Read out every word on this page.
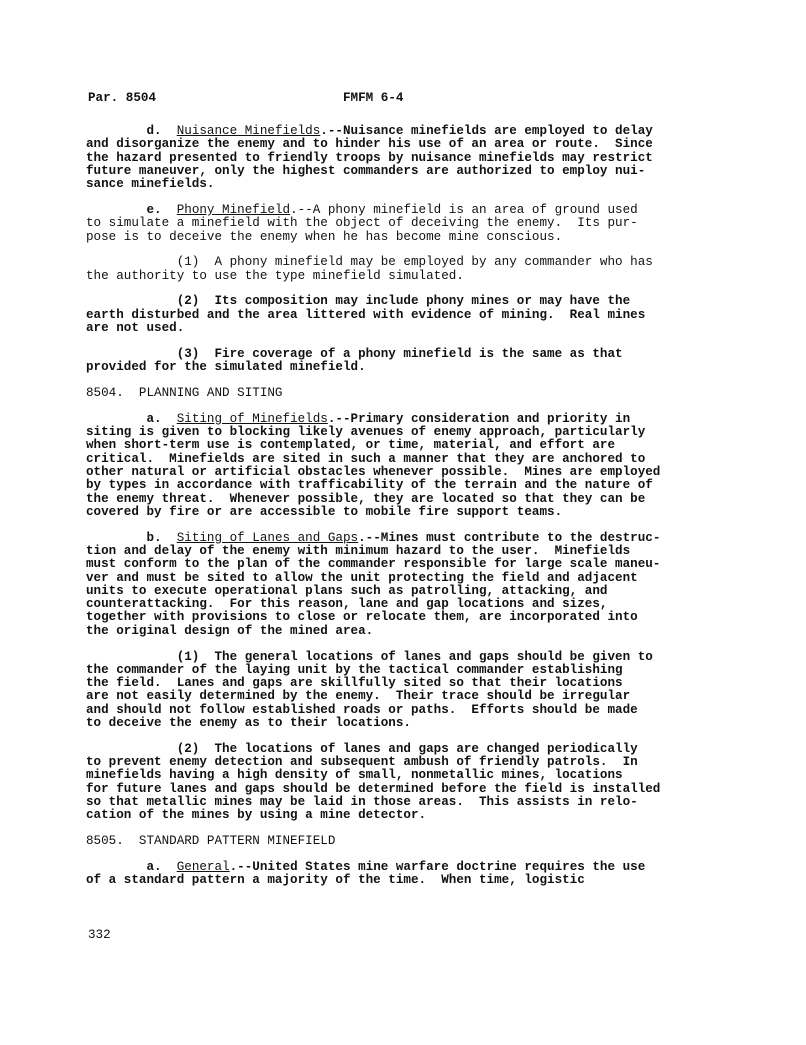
Par. 8504	FMFM 6-4

d.  Nuisance Minefields.--Nuisance minefields are employed to delay
and disorganize the enemy and to hinder his use of an area or route.  Since
the hazard presented to friendly troops by nuisance minefields may restrict
future maneuver, only the highest commanders are authorized to employ nui-
sance minefields.

e.  Phony Minefield.--A phony minefield is an area of ground used
to simulate a minefield with the object of deceiving the enemy.  Its pur-
pose is to deceive the enemy when he has become mine conscious.

(1)  A phony minefield may be employed by any commander who has
the authority to use the type minefield simulated.

(2)  Its composition may include phony mines or may have the
earth disturbed and the area littered with evidence of mining.  Real mines
are not used.

(3)  Fire coverage of a phony minefield is the same as that
provided for the simulated minefield.

8504.  PLANNING AND SITING

a.  Siting of Minefields.--Primary consideration and priority in
siting is given to blocking likely avenues of enemy approach, particularly
when short-term use is contemplated, or time, material, and effort are
critical.  Minefields are sited in such a manner that they are anchored to
other natural or artificial obstacles whenever possible.  Mines are employed
by types in accordance with trafficability of the terrain and the nature of
the enemy threat.  Whenever possible, they are located so that they can be
covered by fire or are accessible to mobile fire support teams.

b.  Siting of Lanes and Gaps.--Mines must contribute to the destruc-
tion and delay of the enemy with minimum hazard to the user.  Minefields
must conform to the plan of the commander responsible for large scale maneu-
ver and must be sited to allow the unit protecting the field and adjacent
units to execute operational plans such as patrolling, attacking, and
counterattacking.  For this reason, lane and gap locations and sizes,
together with provisions to close or relocate them, are incorporated into
the original design of the mined area.

(1)  The general locations of lanes and gaps should be given to
the commander of the laying unit by the tactical commander establishing
the field.  Lanes and gaps are skillfully sited so that their locations
are not easily determined by the enemy.  Their trace should be irregular
and should not follow established roads or paths.  Efforts should be made
to deceive the enemy as to their locations.

(2)  The locations of lanes and gaps are changed periodically
to prevent enemy detection and subsequent ambush of friendly patrols.  In
minefields having a high density of small, nonmetallic mines, locations
for future lanes and gaps should be determined before the field is installed
so that metallic mines may be laid in those areas.  This assists in relo-
cation of the mines by using a mine detector.

8505.  STANDARD PATTERN MINEFIELD

a.  General.--United States mine warfare doctrine requires the use
of a standard pattern a majority of the time.  When time, logistic

332
